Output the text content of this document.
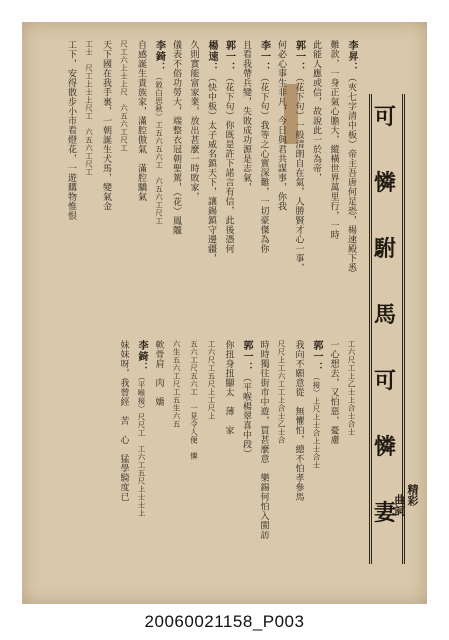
可
憐
駙
馬
可
憐
妻
精彩
曲詞
李昇：（夾七字清中板）帝主吾唐何足恐，楊速殿下悉
難款，一身正氣心膽大，縱橫世界萬里行，一時
此能人應或信，故說此一於為帝，
郭一：（花下句）一般清朗自在氣，人勝賢才心一事，
何必心事生非凡，今日與君共謀事，你我
李一：（花下句）我等之心實深難，一切豪傑為你
且看我帶兵變，失敗成功源是志氣，
郭一：（花下句）你既是許下諾言有信，此後憑何
楊速：（快中板）太子威名鎮天下，讓錫鎮守邊疆，
久則實能富家業，放出甚麼一時敗家，
儀表不俗功勞大，端整衣冠朝聖駕，（花）鳳隴
李錡：（敘白思秋）工五六五六工　六五六工尺工
自感誕生貴族家，滿腔傲氣　滿腔驕氣
尺工六上士上尺　六五六工尺工
天下國在我手裏，一朝誕生犬馬，變氣金
工士　尺工上士上尺工　六五六工尺工
工下，安得散步小市看燈花，一遊購物惟恨
工六尺工上乙士上合士合士
一心想去，又怕惡，憂慮
郭一：（接）上尺上士合上士合士
我向不願意從　無懼怕，總不怕孝參馬
尺尺上工六工工上合士乙士合
時時獨往街市中遊，買甚麼意　樂錫何怕入閩訪
郭一：（平喉楊翠喜中段）
你扭身扭腳太　薄　家
工六尺工五尺上工尺上
五六工尺五六工　一見令人便　憐
六生五六工尺工五生六五
軟骨肩　肉　嬌
李錡：（平喉接）尺尺工　工六工五尺上士士上
妹妹呀，我曾經　苦　心　猛學騎度已
20060021158_P003
